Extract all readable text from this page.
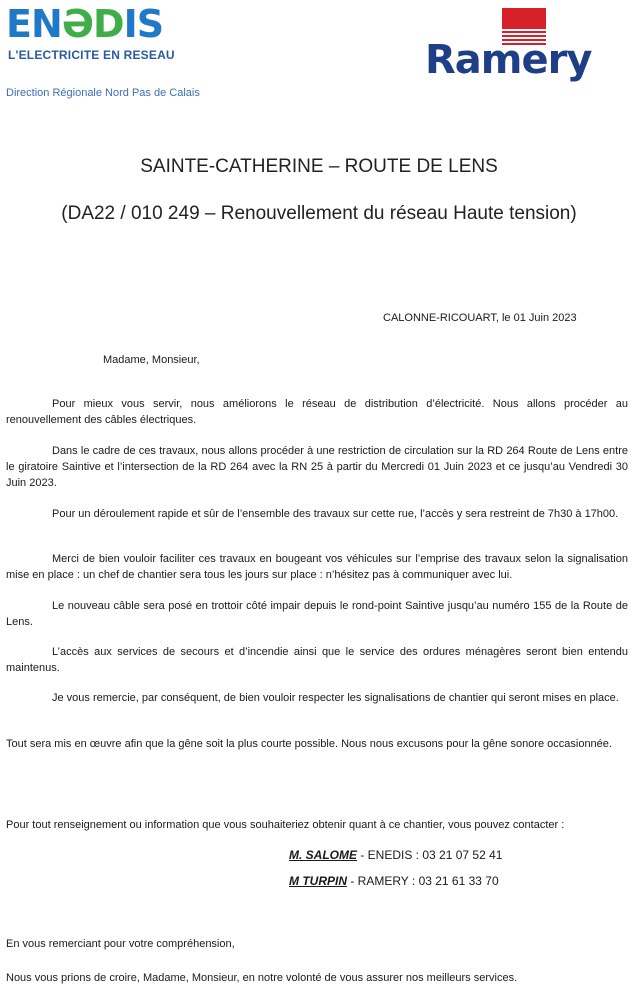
ENƏDIS
L'ELECTRICITE EN RESEAU
Direction Régionale Nord Pas de Calais
Ramery
SAINTE-CATHERINE – ROUTE DE LENS
(DA22 / 010 249 – Renouvellement du réseau Haute tension)
CALONNE-RICOUART, le 01 Juin 2023
Madame, Monsieur,
Pour mieux vous servir, nous améliorons le réseau de distribution d’électricité. Nous allons procéder au renouvellement des câbles électriques.
Dans le cadre de ces travaux, nous allons procéder à une restriction de circulation sur la RD 264 Route de Lens entre le giratoire Saintive et l’intersection de la RD 264 avec la RN 25 à partir du Mercredi 01 Juin 2023 et ce jusqu’au Vendredi 30 Juin 2023.
Pour un déroulement rapide et sûr de l’ensemble des travaux sur cette rue, l’accès y sera restreint de 7h30 à 17h00.
Merci de bien vouloir faciliter ces travaux en bougeant vos véhicules sur l’emprise des travaux selon la signalisation mise en place : un chef de chantier sera tous les jours sur place : n’hésitez pas à communiquer avec lui.
Le nouveau câble sera posé en trottoir côté impair depuis le rond-point Saintive jusqu’au numéro 155 de la Route de Lens.
L’accès aux services de secours et d’incendie ainsi que le service des ordures ménagères seront bien entendu maintenus.
Je vous remercie, par conséquent, de bien vouloir respecter les signalisations de chantier qui seront mises en place.
Tout sera mis en œuvre afin que la gêne soit la plus courte possible. Nous nous excusons pour la gêne sonore occasionnée.
Pour tout renseignement ou information que vous souhaiteriez obtenir quant à ce chantier, vous pouvez contacter :
M. SALOME - ENEDIS : 03 21 07 52 41
M TURPIN - RAMERY : 03 21 61 33 70
En vous remerciant pour votre compréhension,
Nous vous prions de croire, Madame, Monsieur, en notre volonté de vous assurer nos meilleurs services.
